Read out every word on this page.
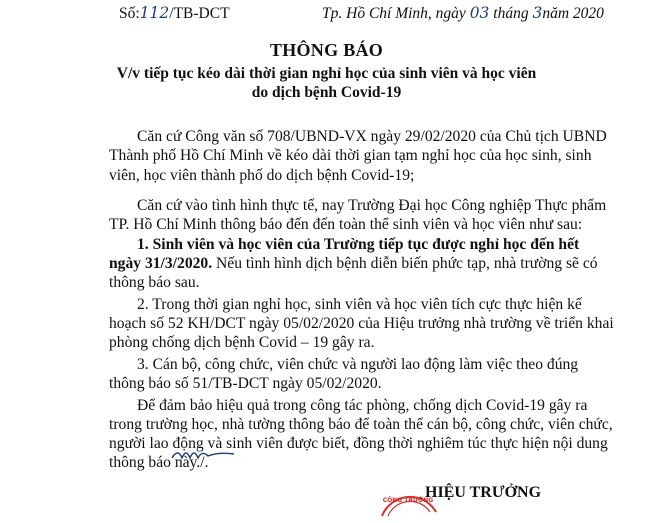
Số:112/TB-DCT	Tp. Hồ Chí Minh, ngày 03 tháng 3năm 2020
THÔNG BÁO
V/v tiếp tục kéo dài thời gian nghỉ học của sinh viên và học viên
do dịch bệnh Covid-19
Căn cứ Công văn số 708/UBND-VX ngày 29/02/2020 của Chủ tịch UBND
Thành phố Hồ Chí Minh về kéo dài thời gian tạm nghỉ học của học sinh, sinh
viên, học viên thành phố do dịch bệnh Covid-19;
Căn cứ vào tình hình thực tế, nay Trường Đại học Công nghiệp Thực phẩm
TP. Hồ Chí Minh thông báo đến đến toàn thể sinh viên và học viên như sau:
1. Sinh viên và học viên của Trường tiếp tục được nghỉ học đến hết
ngày 31/3/2020. Nếu tình hình dịch bệnh diễn biến phức tạp, nhà trường sẽ có
thông báo sau.
2. Trong thời gian nghỉ học, sinh viên và học viên tích cực thực hiện kế
hoạch số 52 KH/DCT ngày 05/02/2020 của Hiệu trưởng nhà trường về triển khai
phòng chống dịch bệnh Covid – 19 gây ra.
3. Cán bộ, công chức, viên chức và người lao động làm việc theo đúng
thông báo số 51/TB-DCT ngày 05/02/2020.
Để đảm bảo hiệu quả trong công tác phòng, chống dịch Covid-19 gây ra
trong trường học, nhà tường thông báo để toàn thể cán bộ, công chức, viên chức,
người lao động và sinh viên được biết, đồng thời nghiêm túc thực hiện nội dung
thông báo này./.
CÔNG TRƯỜNG
HIỆU TRƯỞNG
